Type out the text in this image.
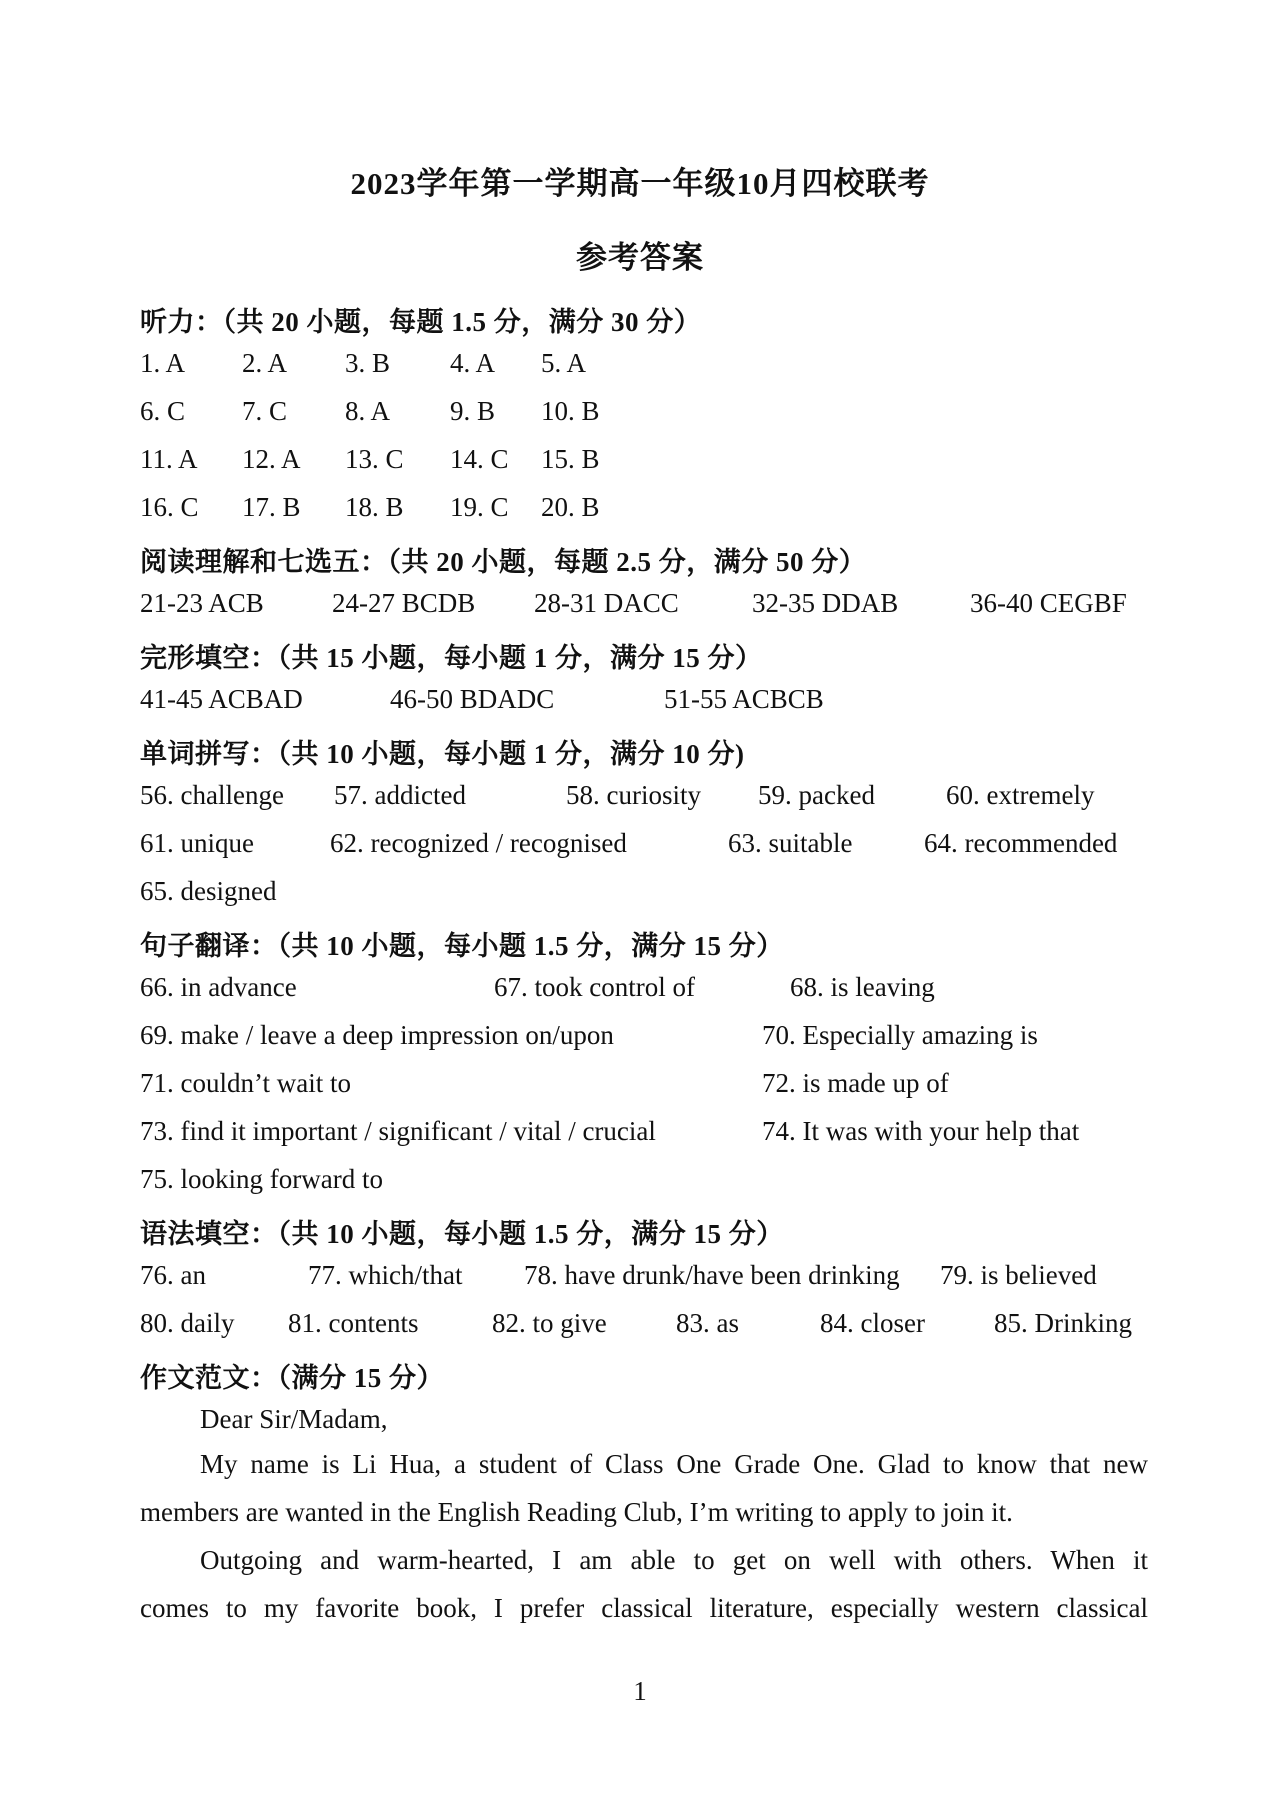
2023学年第一学期高一年级10月四校联考
参考答案
听力：（共 20 小题，每题 1.5 分，满分 30 分）
1. A 2. A 3. B 4. A 5. A
6. C 7. C 8. A 9. B 10. B
11. A 12. A 13. C 14. C 15. B
16. C 17. B 18. B 19. C 20. B
阅读理解和七选五：（共 20 小题，每题 2.5 分，满分 50 分）
21-23 ACB	24-27 BCDB 28-31 DACC	32-35 DDAB	36-40 CEGBF
完形填空：（共 15 小题，每小题 1 分，满分 15 分）
41-45 ACBAD	46-50 BDADC	51-55 ACBCB
单词拼写：（共 10 小题，每小题 1 分，满分 10 分)
56. challenge 57. addicted	58. curiosity 59. packed	60. extremely
61. unique	62. recognized / recognised	63. suitable	64. recommended
65. designed
句子翻译：（共 10 小题，每小题 1.5 分，满分 15 分）
66. in advance	67. took control of	68. is leaving
69. make / leave a deep impression on/upon	70. Especially amazing is
71. couldn’t wait to	72. is made up of
73. find it important / significant / vital / crucial	74. It was with your help that
75. looking forward to
语法填空：（共 10 小题，每小题 1.5 分，满分 15 分）
76. an	77. which/that 78. have drunk/have been drinking 79. is believed
80. daily 81. contents	82. to give	83. as	84. closer	85. Drinking
作文范文：（满分 15 分）
Dear Sir/Madam,
My name is Li Hua, a student of Class One Grade One. Glad to know that new
members are wanted in the English Reading Club, I’m writing to apply to join it.
Outgoing and warm-hearted, I am able to get on well with others. When it
comes to my favorite book, I prefer classical literature, especially western classical
1
